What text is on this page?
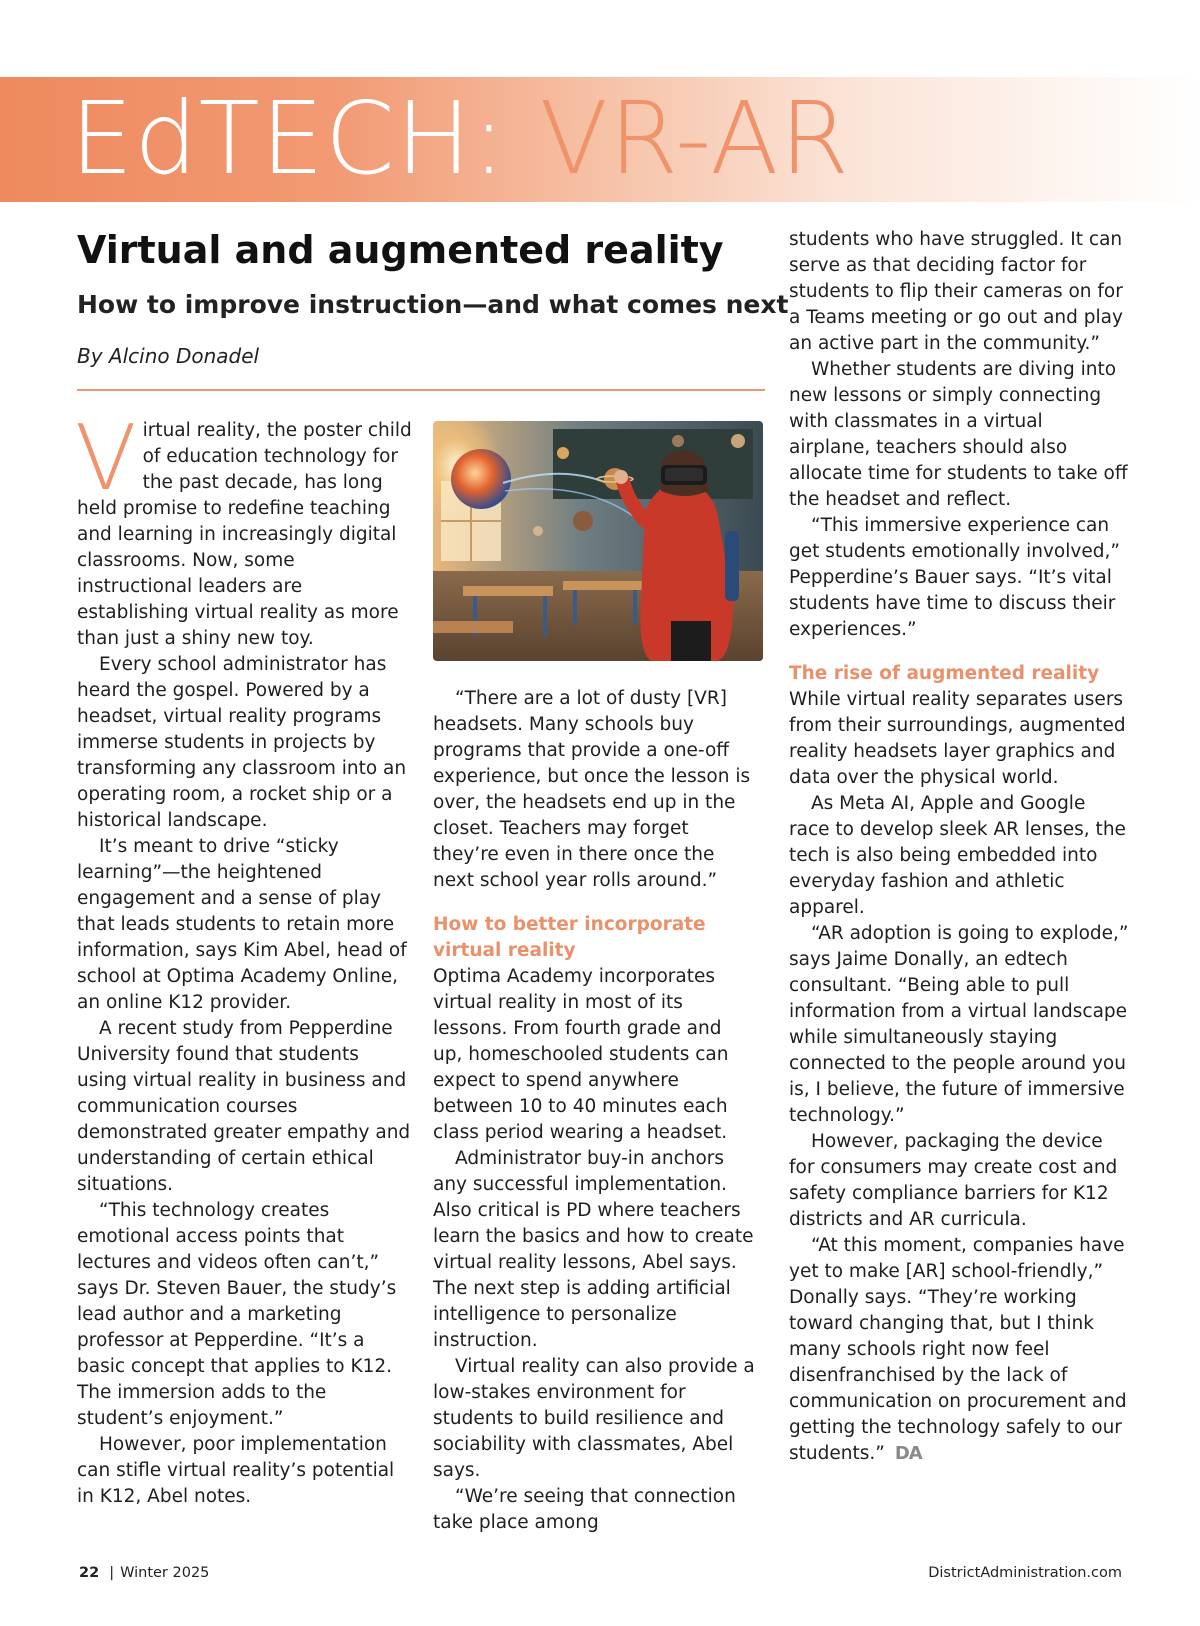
EdTECH: VR-AR
Virtual and augmented reality
How to improve instruction—and what comes next

By Alcino Donadel

Virtual reality, the poster child of education technology for the past decade, has long held promise to redefine teaching and learning in increasingly digital classrooms. Now, some instructional leaders are establishing virtual reality as more than just a shiny new toy.

Every school administrator has heard the gospel. Powered by a headset, virtual reality programs immerse students in projects by transforming any classroom into an operating room, a rocket ship or a historical landscape.

It’s meant to drive “sticky learning”—the heightened engagement and a sense of play that leads students to retain more information, says Kim Abel, head of school at Optima Academy Online, an online K12 provider.

A recent study from Pepperdine University found that students using virtual reality in business and communication courses demonstrated greater empathy and understanding of certain ethical situations.

“This technology creates emotional access points that lectures and videos often can’t,” says Dr. Steven Bauer, the study’s lead author and a marketing professor at Pepperdine. “It’s a basic concept that applies to K12. The immersion adds to the student’s enjoyment.”

However, poor implementation can stifle virtual reality’s potential in K12, Abel notes.

“There are a lot of dusty [VR] headsets. Many schools buy programs that provide a one-off experience, but once the lesson is over, the headsets end up in the closet. Teachers may forget they’re even in there once the next school year rolls around.”

How to better incorporate virtual reality

Optima Academy incorporates virtual reality in most of its lessons. From fourth grade and up, homeschooled students can expect to spend anywhere between 10 to 40 minutes each class period wearing a headset.

Administrator buy-in anchors any successful implementation. Also critical is PD where teachers learn the basics and how to create virtual reality lessons, Abel says. The next step is adding artificial intelligence to personalize instruction.

Virtual reality can also provide a low-stakes environment for students to build resilience and sociability with classmates, Abel says.

“We’re seeing that connection take place among

students who have struggled. It can serve as that deciding factor for students to flip their cameras on for a Teams meeting or go out and play an active part in the community.”

Whether students are diving into new lessons or simply connecting with classmates in a virtual airplane, teachers should also allocate time for students to take off the headset and reflect.

“This immersive experience can get students emotionally involved,” Pepperdine’s Bauer says. “It’s vital students have time to discuss their experiences.”

The rise of augmented reality

While virtual reality separates users from their surroundings, augmented reality headsets layer graphics and data over the physical world.

As Meta AI, Apple and Google race to develop sleek AR lenses, the tech is also being embedded into everyday fashion and athletic apparel.

“AR adoption is going to explode,” says Jaime Donally, an edtech consultant. “Being able to pull information from a virtual landscape while simultaneously staying connected to the people around you is, I believe, the future of immersive technology.”

However, packaging the device for consumers may create cost and safety compliance barriers for K12 districts and AR curricula.

“At this moment, companies have yet to make [AR] school-friendly,” Donally says. “They’re working toward changing that, but I think many schools right now feel disenfranchised by the lack of communication on procurement and getting the technology safely to our students.” DA

22 | Winter 2025	DistrictAdministration.com
